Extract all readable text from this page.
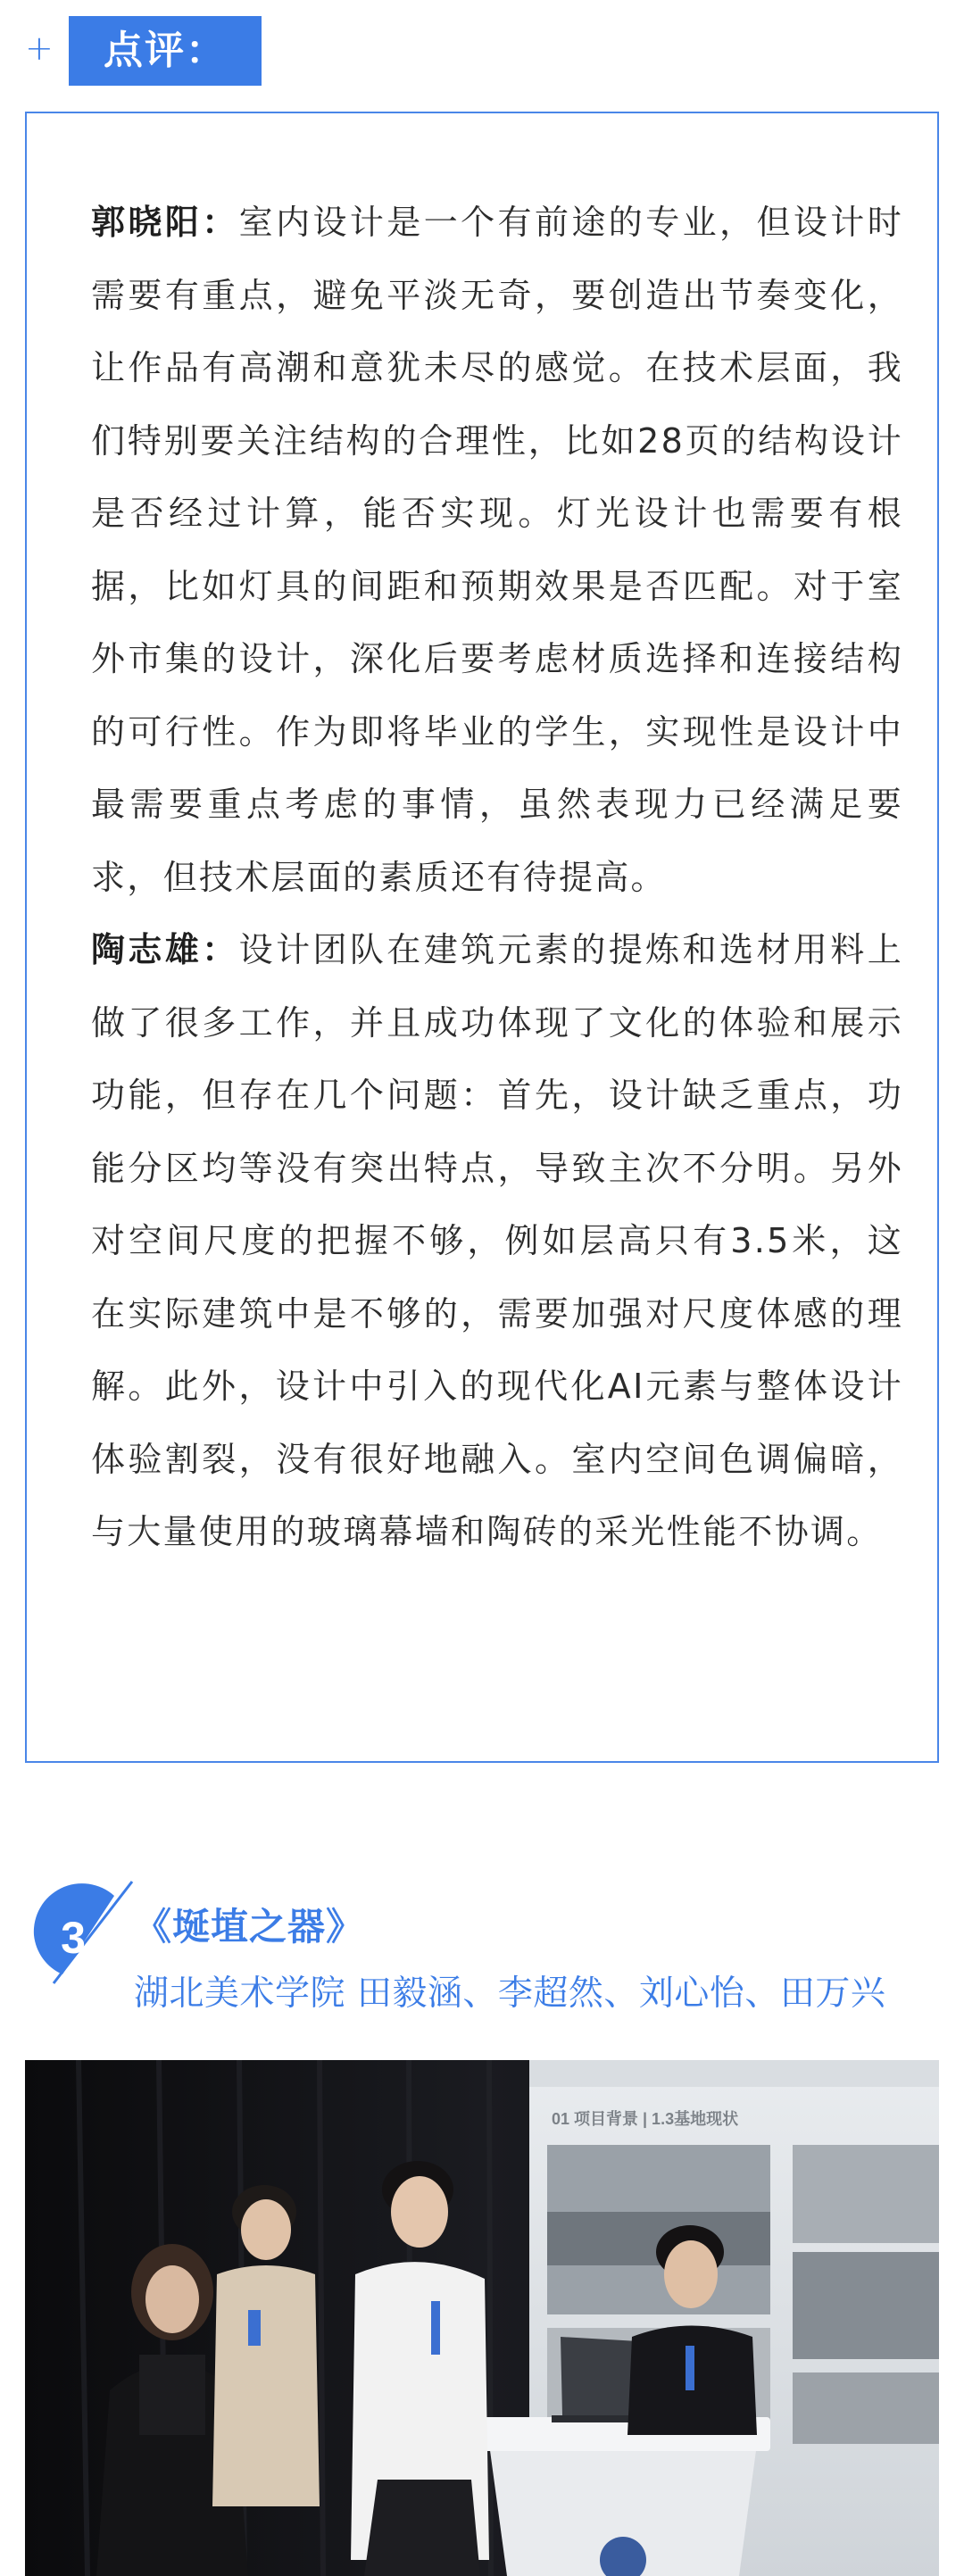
+	点评：

郭晓阳：室内设计是一个有前途的专业，但设计时需要有重点，避免平淡无奇，要创造出节奏变化，让作品有高潮和意犹未尽的感觉。在技术层面，我们特别要关注结构的合理性，比如28页的结构设计是否经过计算，能否实现。灯光设计也需要有根据，比如灯具的间距和预期效果是否匹配。对于室外市集的设计，深化后要考虑材质选择和连接结构的可行性。作为即将毕业的学生，实现性是设计中最需要重点考虑的事情，虽然表现力已经满足要求，但技术层面的素质还有待提高。

陶志雄：设计团队在建筑元素的提炼和选材用料上做了很多工作，并且成功体现了文化的体验和展示功能，但存在几个问题：首先，设计缺乏重点，功能分区均等没有突出特点，导致主次不分明。另外对空间尺度的把握不够，例如层高只有3.5米，这在实际建筑中是不够的，需要加强对尺度体感的理解。此外，设计中引入的现代化AI元素与整体设计体验割裂，没有很好地融入。室内空间色调偏暗，与大量使用的玻璃幕墙和陶砖的采光性能不协调。

3 《埏埴之器》
湖北美术学院 田毅涵、李超然、刘心怡、田万兴
01 项目背景 | 1.3基地现状
